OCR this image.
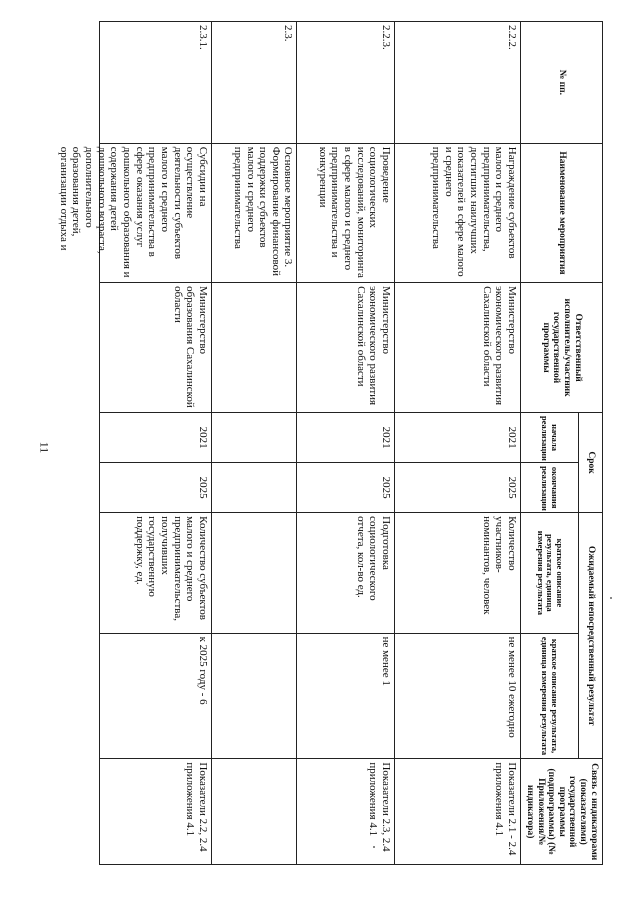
11
№ пп.	Наименование мероприятия	Ответственный исполнитель/участник государственной программы	Срок		Ожидаемый непосредственный результат		Связь с индикаторами (показателями) государственной программы (подпрограммы) (№ Приложения/№ индикатора)
			начала реализации	окончания реализации	краткое описание результата, единица измерения результата	краткое описание результата, единица измерения результата	
2.2.2.	Награждение субъектов малого и среднего предпринимательства, достигших наилучших показателей в сфере малого и среднего предпринимательства	Министерство экономического развития Сахалинской области	2021	2025	Количество участников-номинантов, человек	не менее 10 ежегодно	Показатели 2.1 - 2.4 приложения 4.1
2.2.3.	Проведение социологических исследований, мониторинга в сфере малого и среднего предпринимательства и конкуренции	Министерство экономического развития Сахалинской области	2021	2025	Подготовка социологического отчета, кол-во ед.	не менее 1	Показатели 2.3, 2.4 приложения 4.1
2.3.	Основное мероприятие 3. Формирование финансовой поддержки субъектов малого и среднего предпринимательства						
2.3.1.	Субсидии на осуществление деятельности субъектов малого и среднего предпринимательства в сфере оказания услуг дошкольного образования и содержания детей дошкольного возраста, дополнительного образования детей, организации отдыха и	Министерство образования Сахалинской области	2021	2025	Количество субъектов малого и среднего предпринимательства, получивших государственную поддержку, ед.	к 2025 году - 6	Показатели 2.2, 2.4 приложения 4.1
